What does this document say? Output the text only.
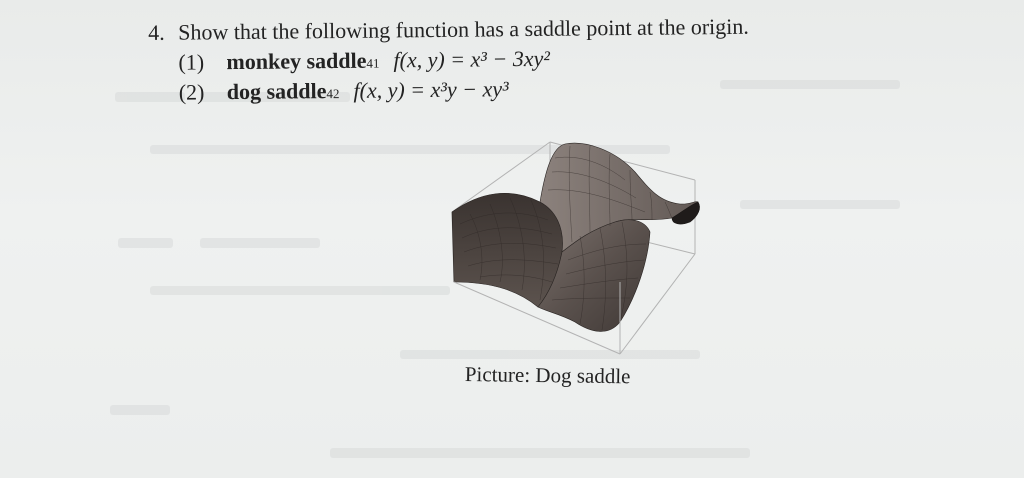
4. Show that the following function has a saddle point at the origin.
(1)	monkey saddle 41 f(x, y) = x³ − 3xy²
(2)	dog saddle 42 f(x, y) = x³y − xy³
Picture: Dog saddle
